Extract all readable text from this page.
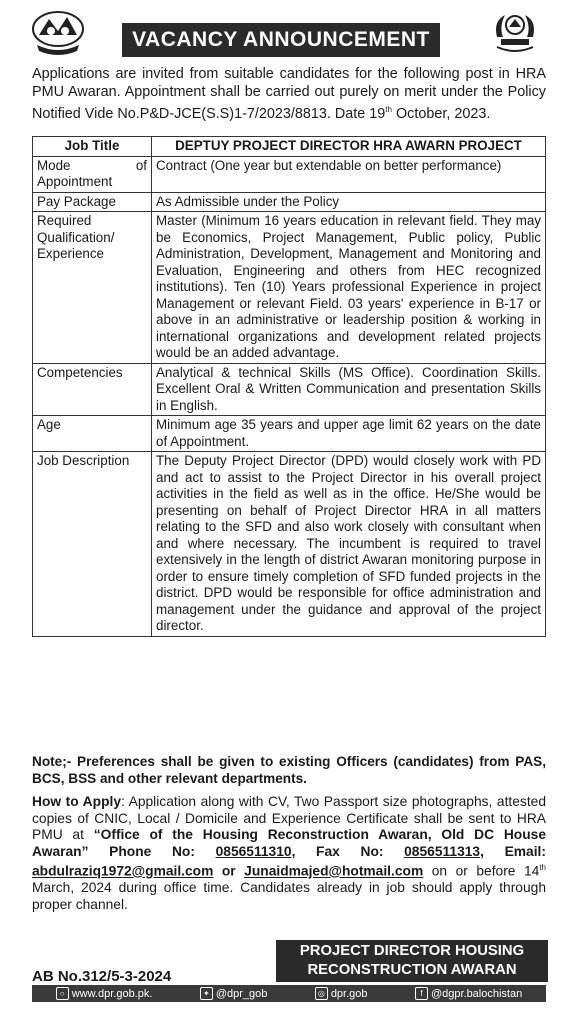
VACANCY ANNOUNCEMENT
Applications are invited from suitable candidates for the following post in HRA PMU Awaran. Appointment shall be carried out purely on merit under the Policy Notified Vide No.P&D-JCE(S.S)1-7/2023/8813. Date 19th October, 2023.
Job Title	DEPTUY PROJECT DIRECTOR HRA AWARN PROJECT
Mode of Appointment	Contract (One year but extendable on better performance)
Pay Package	As Admissible under the Policy
Required Qualification/ Experience	Master (Minimum 16 years education in relevant field. They may be Economics, Project Management, Public policy, Public Administration, Development, Management and Monitoring and Evaluation, Engineering and others from HEC recognized institutions). Ten (10) Years professional Experience in project Management or relevant Field. 03 years' experience in B-17 or above in an administrative or leadership position & working in international organizations and development related projects would be an added advantage.
Competencies	Analytical & technical Skills (MS Office). Coordination Skills. Excellent Oral & Written Communication and presentation Skills in English.
Age	Minimum age 35 years and upper age limit 62 years on the date of Appointment.
Job Description	The Deputy Project Director (DPD) would closely work with PD and act to assist to the Project Director in his overall project activities in the field as well as in the office. He/She would be presenting on behalf of Project Director HRA in all matters relating to the SFD and also work closely with consultant when and where necessary. The incumbent is required to travel extensively in the length of district Awaran monitoring purpose in order to ensure timely completion of SFD funded projects in the district. DPD would be responsible for office administration and management under the guidance and approval of the project director.
Note;- Preferences shall be given to existing Officers (candidates) from PAS, BCS, BSS and other relevant departments.
How to Apply: Application along with CV, Two Passport size photographs, attested copies of CNIC, Local / Domicile and Experience Certificate shall be sent to HRA PMU at “Office of the Housing Reconstruction Awaran, Old DC House Awaran” Phone No: 0856511310, Fax No: 0856511313, Email: abdulraziq1972@gmail.com or Junaidmajed@hotmail.com on or before 14th March, 2024 during office time. Candidates already in job should apply through proper channel.
PROJECT DIRECTOR HOUSING
RECONSTRUCTION AWARAN
AB No.312/5-3-2024
○ www.dpr.gob.pk.	✦ @dpr_gob	◎ dpr.gob	f @dgpr.balochistan
